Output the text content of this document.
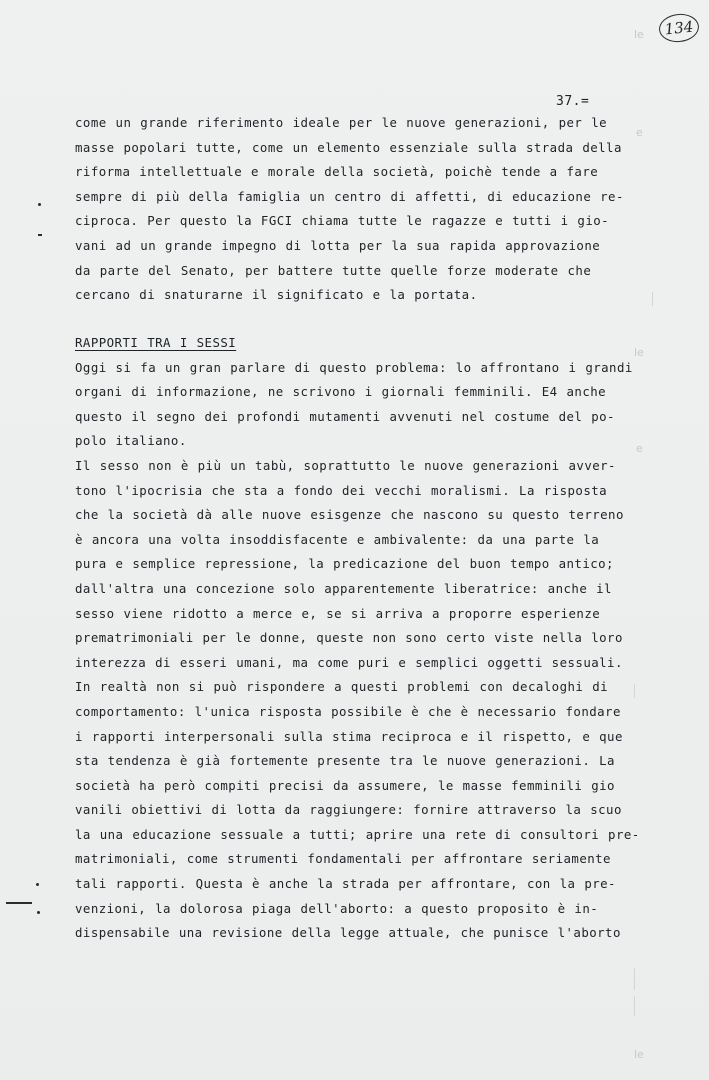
134
le
e
le
e
le
37.=
come un grande riferimento ideale per le nuove generazioni, per le
masse popolari tutte, come un elemento essenziale sulla strada della
riforma intellettuale e morale della società, poichè tende a fare
sempre di più della famiglia un centro di affetti, di educazione re-
ciproca. Per questo la FGCI chiama tutte le ragazze e tutti i gio-
vani ad un grande impegno di lotta per la sua rapida approvazione
da parte del Senato, per battere tutte quelle forze moderate che
cercano di snaturarne il significato e la portata.
RAPPORTI TRA I SESSI
Oggi si fa un gran parlare di questo problema: lo affrontano i grandi
organi di informazione, ne scrivono i giornali femminili. E4 anche
questo il segno dei profondi mutamenti avvenuti nel costume del po-
polo italiano.
Il sesso non è più un tabù, soprattutto le nuove generazioni avver-
tono l'ipocrisia che sta a fondo dei vecchi moralismi. La risposta
che la società dà alle nuove esisgenze che nascono su questo terreno
è ancora una volta insoddisfacente e ambivalente: da una parte la
pura e semplice repressione, la predicazione del buon tempo antico;
dall'altra una concezione solo apparentemente liberatrice: anche il
sesso viene ridotto a merce e, se si arriva a proporre esperienze
prematrimoniali per le donne, queste non sono certo viste nella loro
interezza di esseri umani, ma come puri e semplici oggetti sessuali.
In realtà non si può rispondere a questi problemi con decaloghi di
comportamento: l'unica risposta possibile è che è necessario fondare
i rapporti interpersonali sulla stima reciproca e il rispetto, e que
sta tendenza è già fortemente presente tra le nuove generazioni. La
società ha però compiti precisi da assumere, le masse femminili gio
vanili obiettivi di lotta da raggiungere: fornire attraverso la scuo
la una educazione sessuale a tutti; aprire una rete di consultori pre-
matrimoniali, come strumenti fondamentali per affrontare seriamente
tali rapporti. Questa è anche la strada per affrontare, con la pre-
venzioni, la dolorosa piaga dell'aborto: a questo proposito è in-
dispensabile una revisione della legge attuale, che punisce l'aborto
